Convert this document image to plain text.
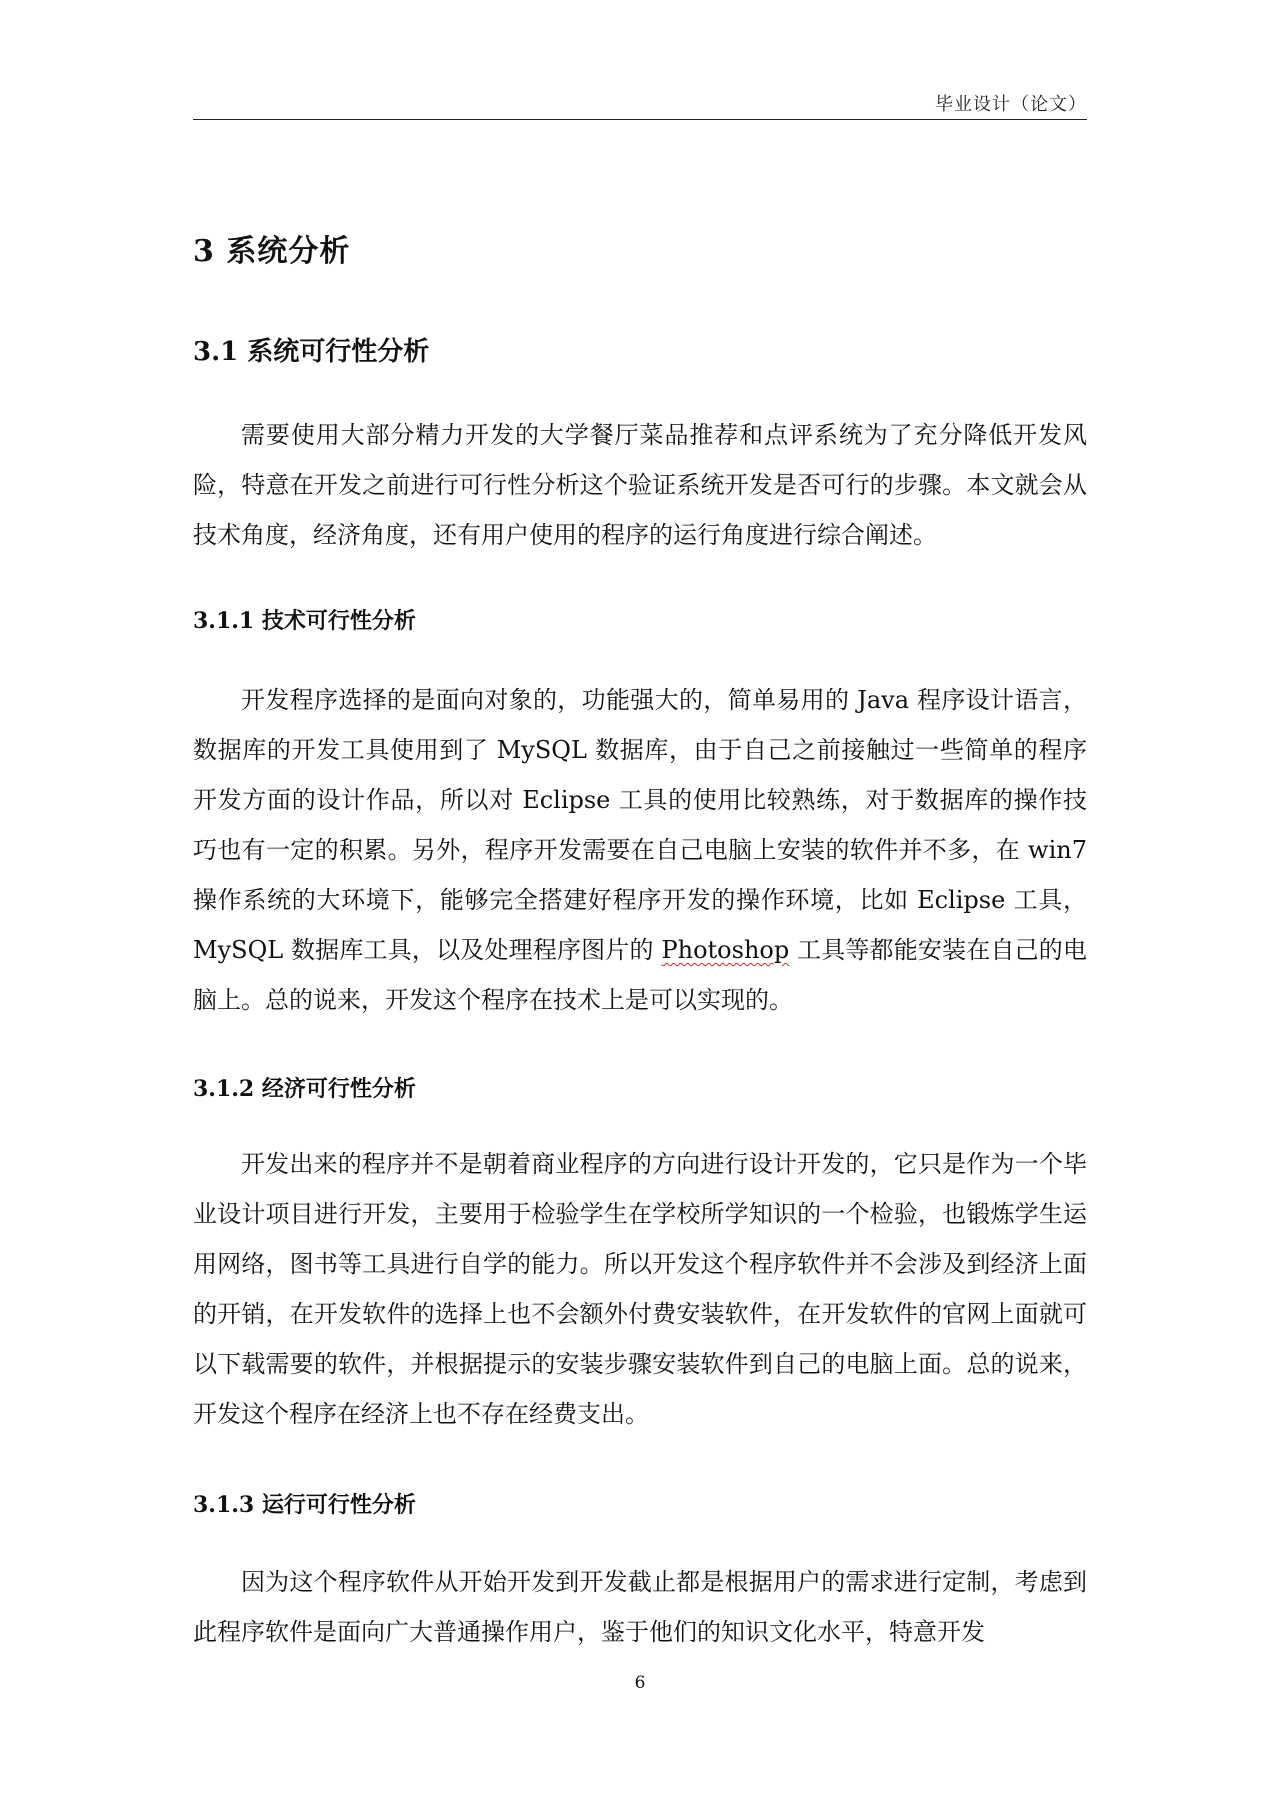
毕业设计（论文）
3 系统分析
3.1 系统可行性分析

需要使用大部分精力开发的大学餐厅菜品推荐和点评系统为了充分降低开发风险，特意在开发之前进行可行性分析这个验证系统开发是否可行的步骤。本文就会从技术角度，经济角度，还有用户使用的程序的运行角度进行综合阐述。

3.1.1 技术可行性分析

开发程序选择的是面向对象的，功能强大的，简单易用的 Java 程序设计语言，数据库的开发工具使用到了 MySQL 数据库，由于自己之前接触过一些简单的程序开发方面的设计作品，所以对 Eclipse 工具的使用比较熟练，对于数据库的操作技巧也有一定的积累。另外，程序开发需要在自己电脑上安装的软件并不多，在 win7 操作系统的大环境下，能够完全搭建好程序开发的操作环境，比如 Eclipse 工具，MySQL 数据库工具，以及处理程序图片的 Photoshop 工具等都能安装在自己的电脑上。总的说来，开发这个程序在技术上是可以实现的。

3.1.2 经济可行性分析

开发出来的程序并不是朝着商业程序的方向进行设计开发的，它只是作为一个毕业设计项目进行开发，主要用于检验学生在学校所学知识的一个检验，也锻炼学生运用网络，图书等工具进行自学的能力。所以开发这个程序软件并不会涉及到经济上面的开销，在开发软件的选择上也不会额外付费安装软件，在开发软件的官网上面就可以下载需要的软件，并根据提示的安装步骤安装软件到自己的电脑上面。总的说来，开发这个程序在经济上也不存在经费支出。

3.1.3 运行可行性分析

因为这个程序软件从开始开发到开发截止都是根据用户的需求进行定制，考虑到此程序软件是面向广大普通操作用户，鉴于他们的知识文化水平，特意开发

6
